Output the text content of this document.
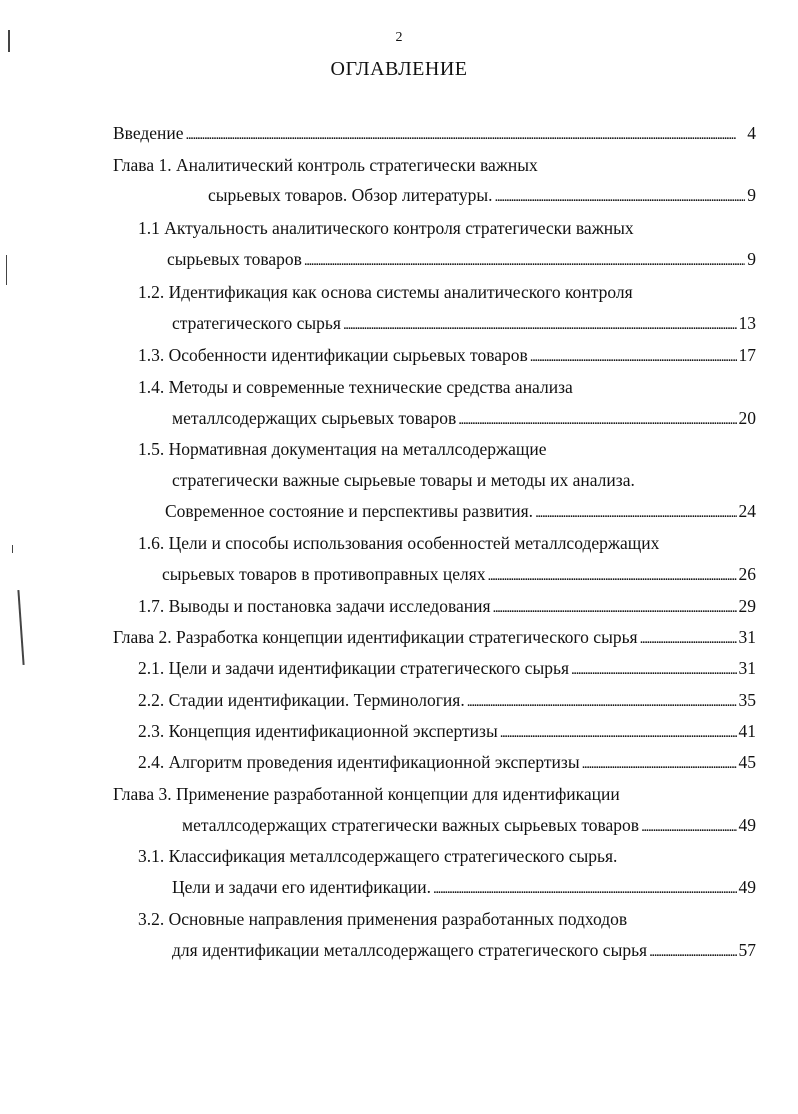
2
ОГЛАВЛЕНИЕ
Введение . . .	4
Глава 1. Аналитический контроль стратегически важных
сырьевых товаров. Обзор литературы. . . .	9
1.1 Актуальность аналитического контроля стратегически важных
сырьевых товаров . . .	9
1.2. Идентификация как основа системы аналитического контроля
стратегического сырья . . .	13
1.3. Особенности идентификации сырьевых товаров . . .	17
1.4. Методы и современные технические средства анализа
металлсодержащих сырьевых товаров . . .	20
1.5. Нормативная документация на металлсодержащие
стратегически важные сырьевые товары и методы их анализа.
Современное состояние и перспективы развития. . . .	24
1.6. Цели и способы использования особенностей металлсодержащих
сырьевых товаров в противоправных целях . . .	26
1.7. Выводы и постановка задачи исследования . . .	29
Глава 2. Разработка концепции идентификации стратегического сырья . . .	31
2.1. Цели и задачи идентификации стратегического сырья . . .	31
2.2. Стадии идентификации. Терминология. . . .	35
2.3. Концепция идентификационной экспертизы . . .	41
2.4. Алгоритм проведения идентификационной экспертизы . . .	45
Глава 3. Применение разработанной концепции для идентификации
металлсодержащих стратегически важных сырьевых товаров . . .	49
3.1. Классификация металлсодержащего стратегического сырья.
Цели и задачи его идентификации. . . .	49
3.2. Основные направления применения разработанных подходов
для идентификации металлсодержащего стратегического сырья . . .	57
